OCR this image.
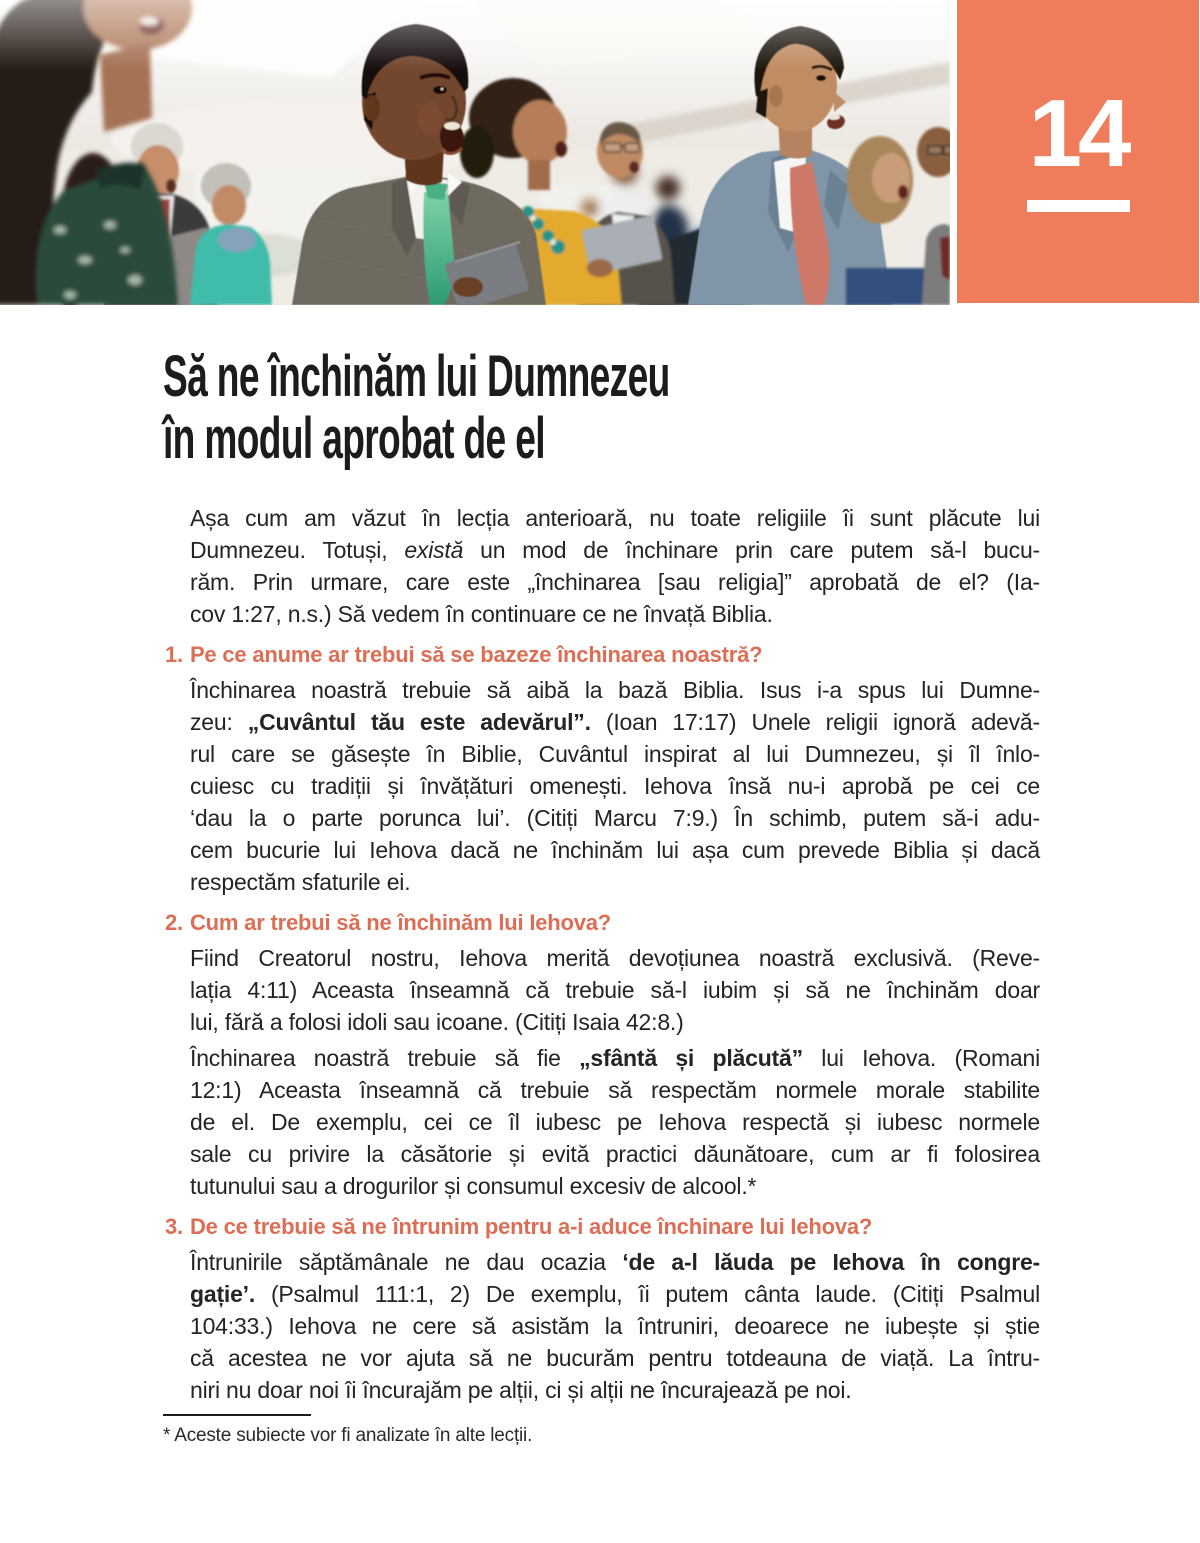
14
Să ne închinăm lui Dumnezeu
în modul aprobat de el

Așa cum am văzut în lecția anterioară, nu toate religiile îi sunt plăcute lui
Dumnezeu. Totuși, există un mod de închinare prin care putem să-l bucu-
răm. Prin urmare, care este „închinarea [sau religia]” aprobată de el? (Ia-
cov 1:27, n.s.) Să vedem în continuare ce ne învață Biblia.

1. Pe ce anume ar trebui să se bazeze închinarea noastră?

Închinarea noastră trebuie să aibă la bază Biblia. Isus i-a spus lui Dumne-
zeu: „Cuvântul tău este adevărul”. (Ioan 17:17) Unele religii ignoră adevă-
rul care se găsește în Biblie, Cuvântul inspirat al lui Dumnezeu, și îl înlo-
cuiesc cu tradiții și învățături omenești. Iehova însă nu-i aprobă pe cei ce
‘dau la o parte porunca lui’. (Citiți Marcu 7:9.) În schimb, putem să-i adu-
cem bucurie lui Iehova dacă ne închinăm lui așa cum prevede Biblia și dacă
respectăm sfaturile ei.

2. Cum ar trebui să ne închinăm lui Iehova?

Fiind Creatorul nostru, Iehova merită devoțiunea noastră exclusivă. (Reve-
lația 4:11) Aceasta înseamnă că trebuie să-l iubim și să ne închinăm doar
lui, fără a folosi idoli sau icoane. (Citiți Isaia 42:8.)

Închinarea noastră trebuie să fie „sfântă și plăcută” lui Iehova. (Romani
12:1) Aceasta înseamnă că trebuie să respectăm normele morale stabilite
de el. De exemplu, cei ce îl iubesc pe Iehova respectă și iubesc normele
sale cu privire la căsătorie și evită practici dăunătoare, cum ar fi folosirea
tutunului sau a drogurilor și consumul excesiv de alcool.*

3. De ce trebuie să ne întrunim pentru a-i aduce închinare lui Iehova?

Întrunirile săptămânale ne dau ocazia ‘de a-l lăuda pe Iehova în congre-
gație’. (Psalmul 111:1, 2) De exemplu, îi putem cânta laude. (Citiți Psalmul
104:33.) Iehova ne cere să asistăm la întruniri, deoarece ne iubește și știe
că acestea ne vor ajuta să ne bucurăm pentru totdeauna de viață. La întru-
niri nu doar noi îi încurajăm pe alții, ci și alții ne încurajează pe noi.

* Aceste subiecte vor fi analizate în alte lecții.
